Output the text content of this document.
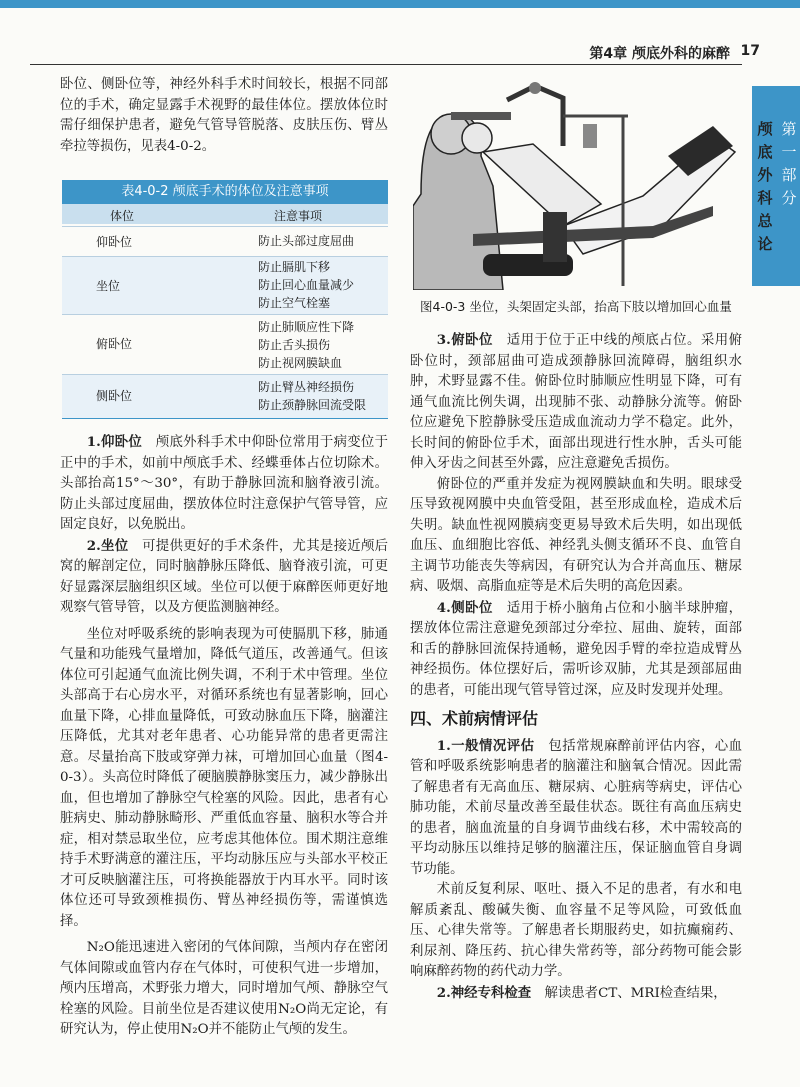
第4章 颅底外科的麻醉 17
第一部分
颅底外科总论

卧位、侧卧位等，神经外科手术时间较长，根据不同部位的手术，确定显露手术视野的最佳体位。摆放体位时需仔细保护患者，避免气管导管脱落、皮肤压伤、臂丛牵拉等损伤，见表4-0-2。

表4-0-2 颅底手术的体位及注意事项
体位	注意事项
仰卧位	防止头部过度屈曲
坐位
防止膈肌下移
防止回心血量减少
防止空气栓塞
俯卧位
防止肺顺应性下降
防止舌头损伤
防止视网膜缺血
侧卧位
防止臂丛神经损伤
防止颈静脉回流受限

1.仰卧位　 颅底外科手术中仰卧位常用于病变位于正中的手术，如前中颅底手术、经蝶垂体占位切除术。头部抬高15°～30°，有助于静脉回流和脑脊液引流。防止头部过度屈曲，摆放体位时注意保护气管导管，应固定良好，以免脱出。

2.坐位　 可提供更好的手术条件，尤其是接近颅后窝的解剖定位，同时脑静脉压降低、脑脊液引流，可更好显露深层脑组织区域。坐位可以便于麻醉医师更好地观察气管导管，以及方便监测脑神经。

坐位对呼吸系统的影响表现为可使膈肌下移，肺通气量和功能残气量增加，降低气道压，改善通气。但该体位可引起通气血流比例失调，不利于术中管理。坐位头部高于右心房水平，对循环系统也有显著影响，回心血量下降，心排血量降低，可致动脉血压下降，脑灌注压降低，尤其对老年患者、心功能异常的患者更需注意。尽量抬高下肢或穿弹力袜，可增加回心血量（图4-0-3）。头高位时降低了硬脑膜静脉窦压力，减少静脉出血，但也增加了静脉空气栓塞的风险。因此，患者有心脏病史、肺动静脉畸形、严重低血容量、脑积水等合并症，相对禁忌取坐位，应考虑其他体位。围术期注意维持手术野满意的灌注压，平均动脉压应与头部水平校正才可反映脑灌注压，可将换能器放于内耳水平。同时该体位还可导致颈椎损伤、臂丛神经损伤等，需谨慎选择。

N₂O能迅速进入密闭的气体间隙，当颅内存在密闭气体间隙或血管内存在气体时，可使积气进一步增加，颅内压增高，术野张力增大，同时增加气颅、静脉空气栓塞的风险。目前坐位是否建议使用N₂O尚无定论，有研究认为，停止使用N₂O并不能防止气颅的发生。

图4-0-3 坐位，头架固定头部，抬高下肢以增加回心血量

3.俯卧位　 适用于位于正中线的颅底占位。采用俯卧位时，颈部屈曲可造成颈静脉回流障碍，脑组织水肿，术野显露不佳。俯卧位时肺顺应性明显下降，可有通气血流比例失调，出现肺不张、动静脉分流等。俯卧位应避免下腔静脉受压造成血流动力学不稳定。此外，长时间的俯卧位手术，面部出现进行性水肿，舌头可能伸入牙齿之间甚至外露，应注意避免舌损伤。

俯卧位的严重并发症为视网膜缺血和失明。眼球受压导致视网膜中央血管受阻，甚至形成血栓，造成术后失明。缺血性视网膜病变更易导致术后失明，如出现低血压、血细胞比容低、神经乳头侧支循环不良、血管自主调节功能丧失等病因，有研究认为合并高血压、糖尿病、吸烟、高脂血症等是术后失明的高危因素。

4.侧卧位　 适用于桥小脑角占位和小脑半球肿瘤，摆放体位需注意避免颈部过分牵拉、屈曲、旋转，面部和舌的静脉回流保持通畅，避免因手臂的牵拉造成臂丛神经损伤。体位摆好后，需听诊双肺，尤其是颈部屈曲的患者，可能出现气管导管过深，应及时发现并处理。

四、术前病情评估

1.一般情况评估　 包括常规麻醉前评估内容，心血管和呼吸系统影响患者的脑灌注和脑氧合情况。因此需了解患者有无高血压、糖尿病、心脏病等病史，评估心肺功能，术前尽量改善至最佳状态。既往有高血压病史的患者，脑血流量的自身调节曲线右移，术中需较高的平均动脉压以维持足够的脑灌注压，保证脑血管自身调节功能。

术前反复利尿、呕吐、摄入不足的患者，有水和电解质紊乱、酸碱失衡、血容量不足等风险，可致低血压、心律失常等。了解患者长期服药史，如抗癫痫药、利尿剂、降压药、抗心律失常药等，部分药物可能会影响麻醉药物的药代动力学。

2.神经专科检查　 解读患者CT、MRI检查结果，
